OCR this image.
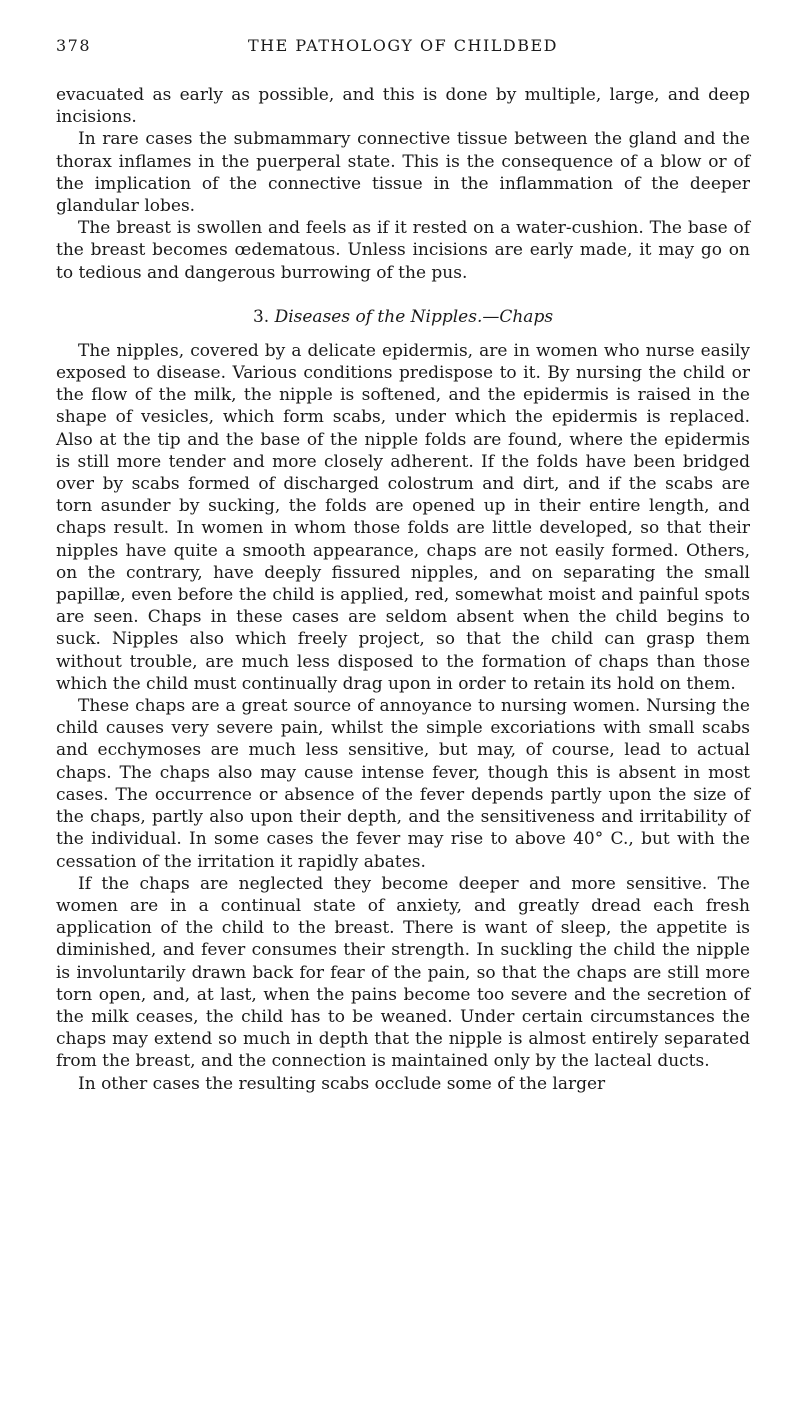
378	THE PATHOLOGY OF CHILDBED

evacuated as early as possible, and this is done by multiple, large, and deep incisions.

In rare cases the submammary connective tissue between the gland and the thorax inflames in the puerperal state. This is the consequence of a blow or of the implication of the connective tissue in the inflammation of the deeper glandular lobes.

The breast is swollen and feels as if it rested on a water-cushion. The base of the breast becomes œdematous. Unless incisions are early made, it may go on to tedious and dangerous burrowing of the pus.

3. Diseases of the Nipples.—Chaps

The nipples, covered by a delicate epidermis, are in women who nurse easily exposed to disease. Various conditions predispose to it. By nursing the child or the flow of the milk, the nipple is softened, and the epidermis is raised in the shape of vesicles, which form scabs, under which the epidermis is replaced. Also at the tip and the base of the nipple folds are found, where the epidermis is still more tender and more closely adherent. If the folds have been bridged over by scabs formed of discharged colostrum and dirt, and if the scabs are torn asunder by sucking, the folds are opened up in their entire length, and chaps result. In women in whom those folds are little developed, so that their nipples have quite a smooth appearance, chaps are not easily formed. Others, on the contrary, have deeply fissured nipples, and on separating the small papillæ, even before the child is applied, red, somewhat moist and painful spots are seen. Chaps in these cases are seldom absent when the child begins to suck. Nipples also which freely project, so that the child can grasp them without trouble, are much less disposed to the formation of chaps than those which the child must continually drag upon in order to retain its hold on them.

These chaps are a great source of annoyance to nursing women. Nursing the child causes very severe pain, whilst the simple excoriations with small scabs and ecchymoses are much less sensitive, but may, of course, lead to actual chaps. The chaps also may cause intense fever, though this is absent in most cases. The occurrence or absence of the fever depends partly upon the size of the chaps, partly also upon their depth, and the sensitiveness and irritability of the individual. In some cases the fever may rise to above 40° C., but with the cessation of the irritation it rapidly abates.

If the chaps are neglected they become deeper and more sensitive. The women are in a continual state of anxiety, and greatly dread each fresh application of the child to the breast. There is want of sleep, the appetite is diminished, and fever consumes their strength. In suckling the child the nipple is involuntarily drawn back for fear of the pain, so that the chaps are still more torn open, and, at last, when the pains become too severe and the secretion of the milk ceases, the child has to be weaned. Under certain circumstances the chaps may extend so much in depth that the nipple is almost entirely separated from the breast, and the connection is maintained only by the lacteal ducts.

In other cases the resulting scabs occlude some of the larger
